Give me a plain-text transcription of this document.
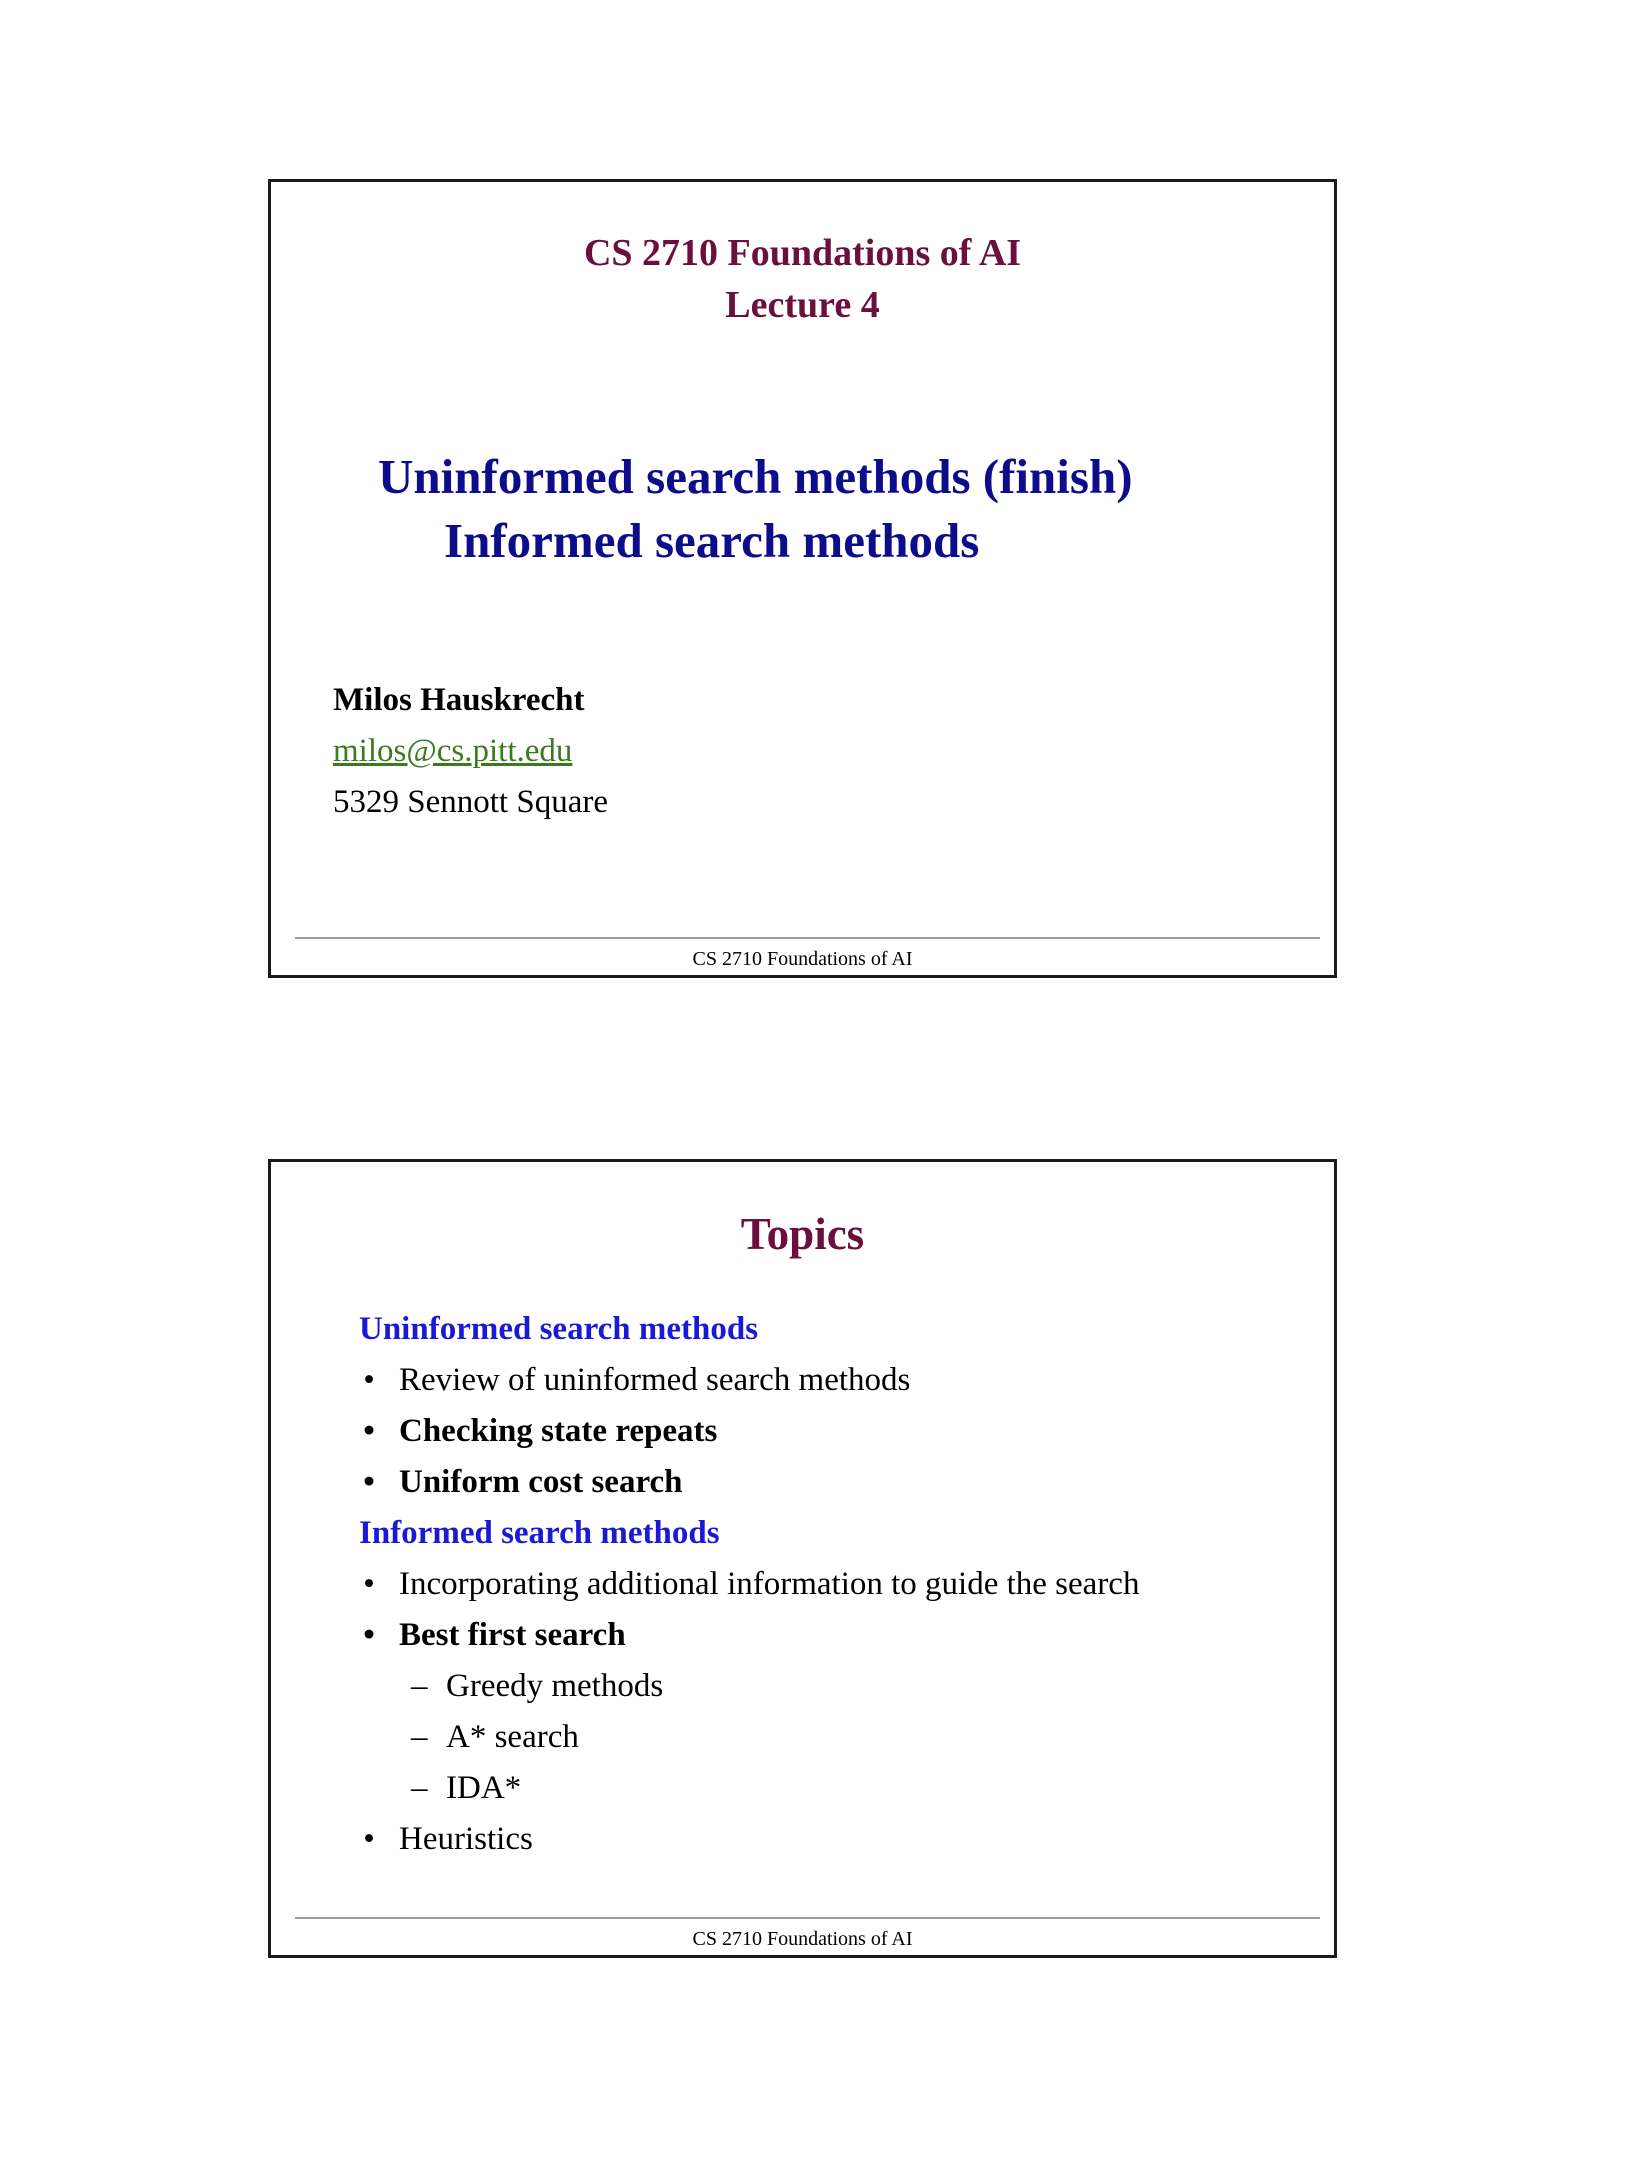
CS 2710 Foundations of AI
Lecture 4
Uninformed search methods (finish)
Informed search methods
Milos Hauskrecht
milos@cs.pitt.edu
5329 Sennott Square
CS 2710 Foundations of AI
Topics
Uninformed search methods
• Review of uninformed search methods
• Checking state repeats
• Uniform cost search
Informed search methods
• Incorporating additional information to guide the search
• Best first search
– Greedy methods
– A* search
– IDA*
• Heuristics
CS 2710 Foundations of AI
